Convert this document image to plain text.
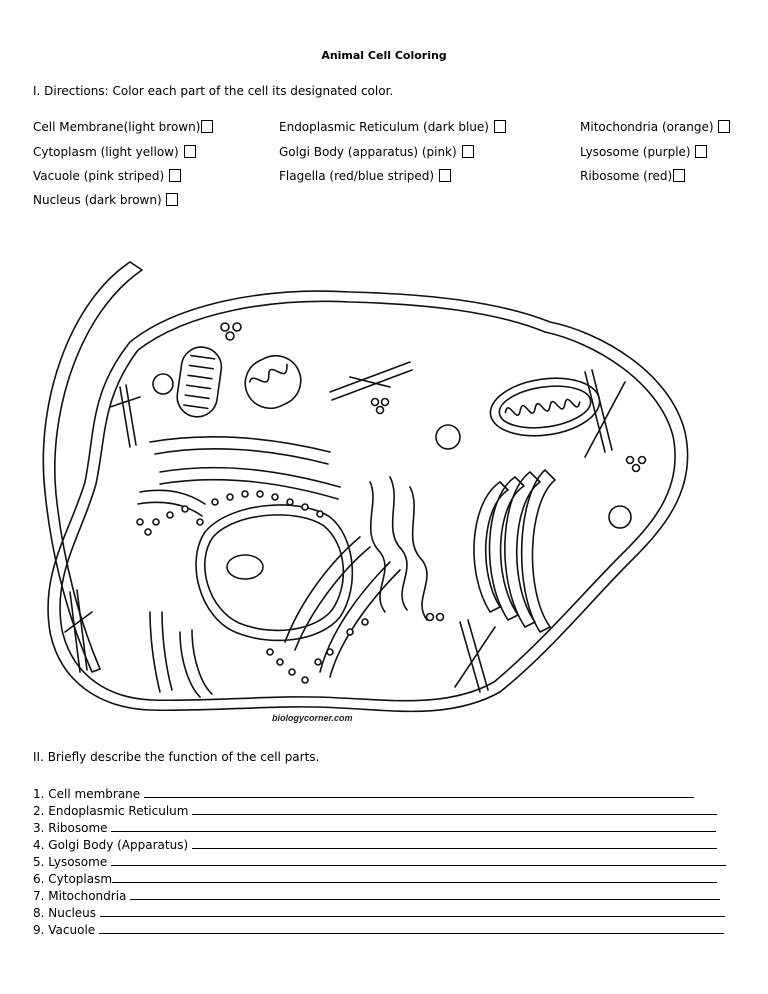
Animal Cell Coloring
I. Directions: Color each part of the cell its designated color.
Cell Membrane(light brown)
Cytoplasm (light yellow)
Vacuole (pink striped)
Nucleus (dark brown)
Endoplasmic Reticulum (dark blue)
Golgi Body (apparatus) (pink)
Flagella (red/blue striped)
Mitochondria (orange)
Lysosome (purple)
Ribosome (red)
biologycorner.com
II. Briefly describe the function of the cell parts.
1. Cell membrane
2. Endoplasmic Reticulum
3. Ribosome
4. Golgi Body (Apparatus)
5. Lysosome
6. Cytoplasm
7. Mitochondria
8. Nucleus
9. Vacuole
